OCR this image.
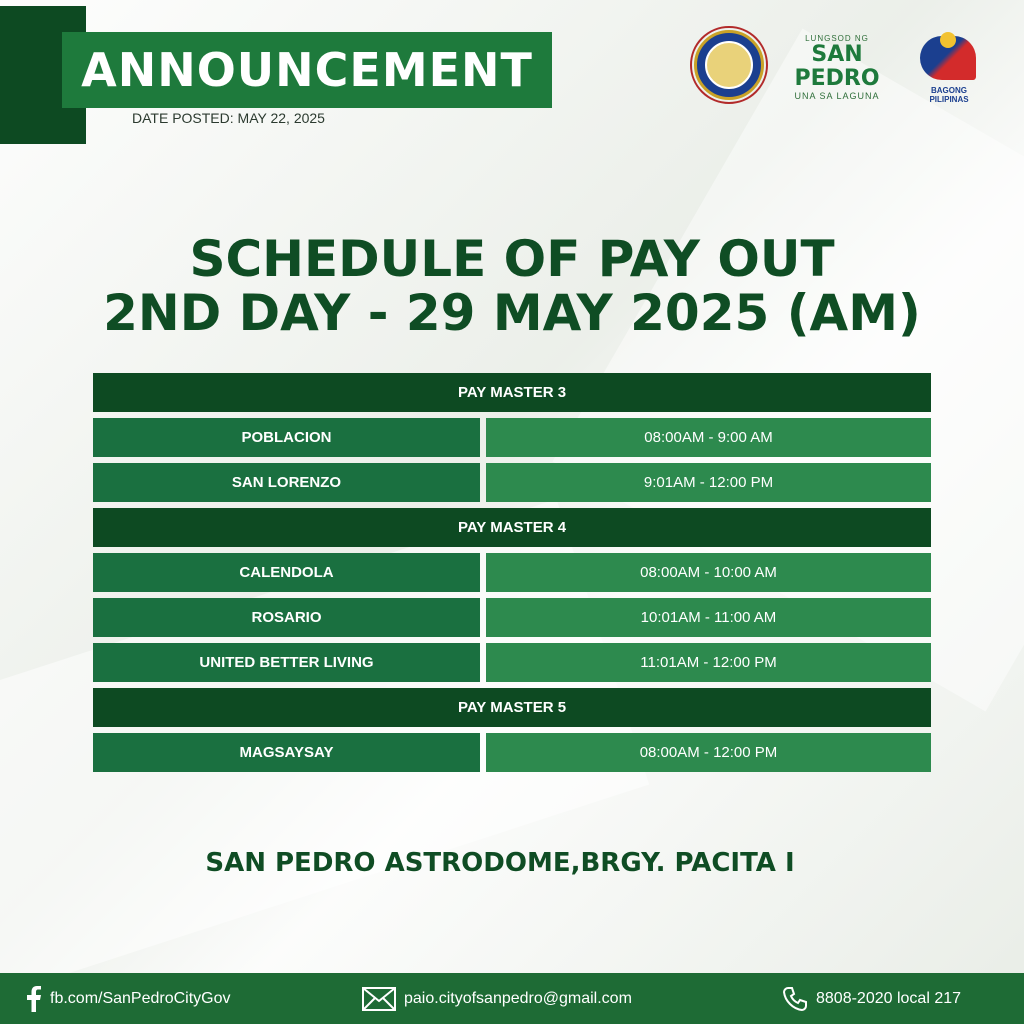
ANNOUNCEMENT
DATE POSTED: MAY 22, 2025
LUNGSOD NG
SAN PEDRO
UNA SA LAGUNA
BAGONG PILIPINAS
SCHEDULE OF PAY OUT
2ND DAY - 29 MAY 2025 (AM)
PAY MASTER 3
POBLACION	08:00AM - 9:00 AM
SAN LORENZO	9:01AM - 12:00 PM
PAY MASTER 4
CALENDOLA	08:00AM - 10:00 AM
ROSARIO	10:01AM - 11:00 AM
UNITED BETTER LIVING	11:01AM - 12:00 PM
PAY MASTER 5
MAGSAYSAY	08:00AM - 12:00 PM
SAN PEDRO ASTRODOME,BRGY. PACITA I
fb.com/SanPedroCityGov	paio.cityofsanpedro@gmail.com	8808-2020 local 217
